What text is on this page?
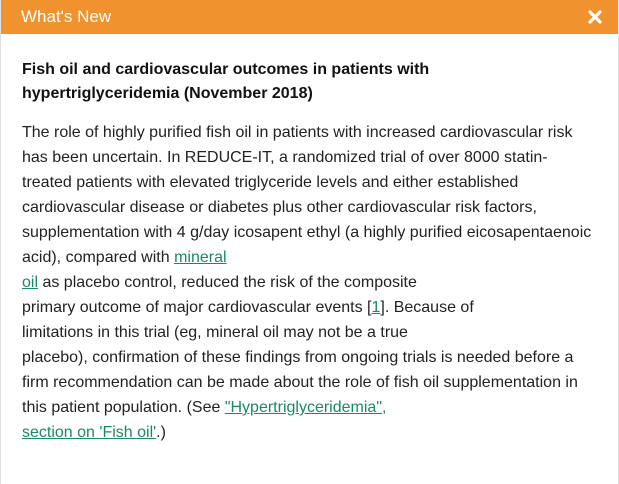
What's New

Fish oil and cardiovascular outcomes in patients with
hypertriglyceridemia (November 2018)

The role of highly purified fish oil in patients with increased cardiovascular risk has been uncertain. In REDUCE-IT, a randomized trial of over 8000 statin-treated patients with elevated triglyceride levels and either established cardiovascular disease or diabetes plus other cardiovascular risk factors, supplementation with 4 g/day icosapent ethyl (a highly purified eicosapentaenoic acid), compared with mineral
oil as placebo control, reduced the risk of the composite
primary outcome of major cardiovascular events [1]. Because of
limitations in this trial (eg, mineral oil may not be a true
placebo), confirmation of these findings from ongoing trials is needed before a firm recommendation can be made about the role of fish oil supplementation in this patient population. (See "Hypertriglyceridemia",
section on 'Fish oil'.)
